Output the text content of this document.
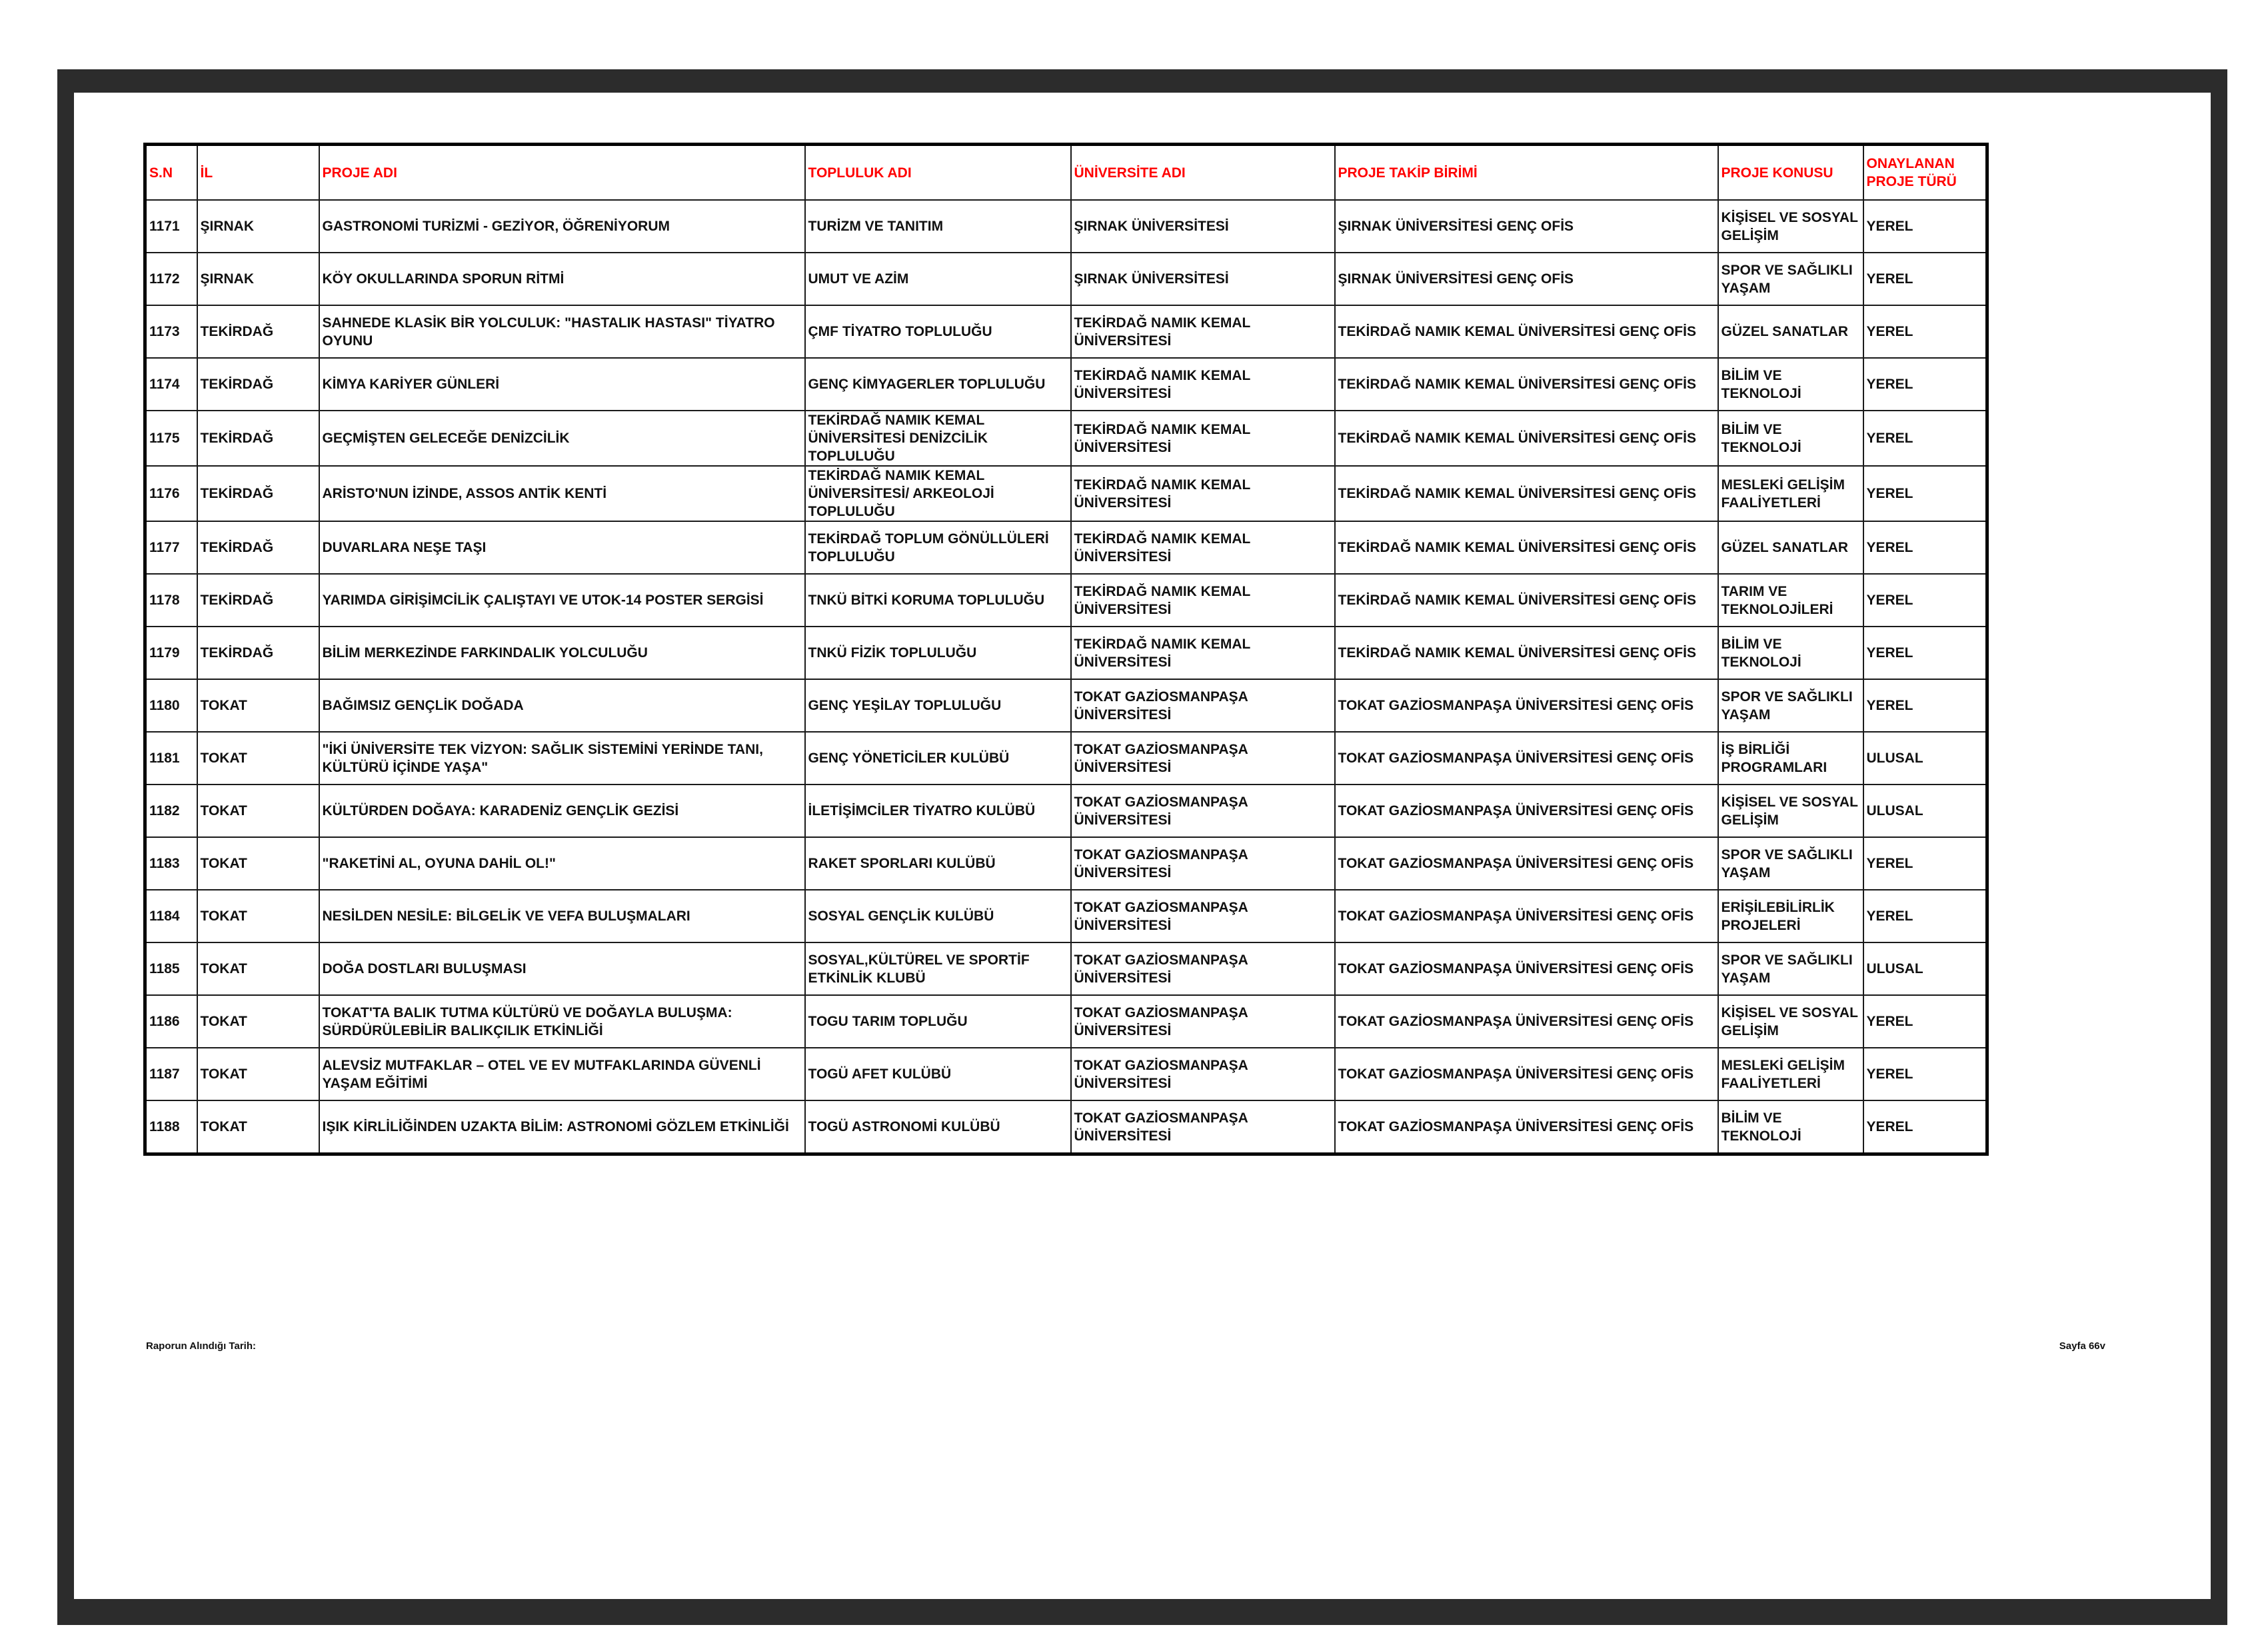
S.N	İL	PROJE ADI	TOPLULUK ADI	ÜNİVERSİTE ADI	PROJE TAKİP BİRİMİ	PROJE KONUSU	ONAYLANAN PROJE TÜRÜ
1171	ŞIRNAK	GASTRONOMİ TURİZMİ - GEZİYOR, ÖĞRENİYORUM	TURİZM VE TANITIM	ŞIRNAK ÜNİVERSİTESİ	ŞIRNAK ÜNİVERSİTESİ GENÇ OFİS	KİŞİSEL VE SOSYAL GELİŞİM	YEREL
1172	ŞIRNAK	KÖY OKULLARINDA SPORUN RİTMİ	UMUT VE AZİM	ŞIRNAK ÜNİVERSİTESİ	ŞIRNAK ÜNİVERSİTESİ GENÇ OFİS	SPOR VE SAĞLIKLI YAŞAM	YEREL
1173	TEKİRDAĞ	SAHNEDE KLASİK BİR YOLCULUK: "HASTALIK HASTASI" TİYATRO OYUNU	ÇMF TİYATRO TOPLULUĞU	TEKİRDAĞ NAMIK KEMAL ÜNİVERSİTESİ	TEKİRDAĞ NAMIK KEMAL ÜNİVERSİTESİ GENÇ OFİS	GÜZEL SANATLAR	YEREL
1174	TEKİRDAĞ	KİMYA KARİYER GÜNLERİ	GENÇ KİMYAGERLER TOPLULUĞU	TEKİRDAĞ NAMIK KEMAL ÜNİVERSİTESİ	TEKİRDAĞ NAMIK KEMAL ÜNİVERSİTESİ GENÇ OFİS	BİLİM VE TEKNOLOJİ	YEREL
1175	TEKİRDAĞ	GEÇMİŞTEN GELECEĞE DENİZCİLİK	TEKİRDAĞ NAMIK KEMAL ÜNİVERSİTESİ DENİZCİLİK TOPLULUĞU	TEKİRDAĞ NAMIK KEMAL ÜNİVERSİTESİ	TEKİRDAĞ NAMIK KEMAL ÜNİVERSİTESİ GENÇ OFİS	BİLİM VE TEKNOLOJİ	YEREL
1176	TEKİRDAĞ	ARİSTO'NUN İZİNDE, ASSOS ANTİK KENTİ	TEKİRDAĞ NAMIK KEMAL ÜNİVERSİTESİ/ ARKEOLOJİ TOPLULUĞU	TEKİRDAĞ NAMIK KEMAL ÜNİVERSİTESİ	TEKİRDAĞ NAMIK KEMAL ÜNİVERSİTESİ GENÇ OFİS	MESLEKİ GELİŞİM FAALİYETLERİ	YEREL
1177	TEKİRDAĞ	DUVARLARA NEŞE TAŞI	TEKİRDAĞ TOPLUM GÖNÜLLÜLERİ TOPLULUĞU	TEKİRDAĞ NAMIK KEMAL ÜNİVERSİTESİ	TEKİRDAĞ NAMIK KEMAL ÜNİVERSİTESİ GENÇ OFİS	GÜZEL SANATLAR	YEREL
1178	TEKİRDAĞ	YARIMDA GİRİŞİMCİLİK ÇALIŞTAYI VE UTOK-14 POSTER SERGİSİ	TNKÜ BİTKİ KORUMA TOPLULUĞU	TEKİRDAĞ NAMIK KEMAL ÜNİVERSİTESİ	TEKİRDAĞ NAMIK KEMAL ÜNİVERSİTESİ GENÇ OFİS	TARIM VE TEKNOLOJİLERİ	YEREL
1179	TEKİRDAĞ	BİLİM MERKEZİNDE FARKINDALIK YOLCULUĞU	TNKÜ FİZİK TOPLULUĞU	TEKİRDAĞ NAMIK KEMAL ÜNİVERSİTESİ	TEKİRDAĞ NAMIK KEMAL ÜNİVERSİTESİ GENÇ OFİS	BİLİM VE TEKNOLOJİ	YEREL
1180	TOKAT	BAĞIMSIZ GENÇLİK DOĞADA	GENÇ YEŞİLAY TOPLULUĞU	TOKAT GAZİOSMANPAŞA ÜNİVERSİTESİ	TOKAT GAZİOSMANPAŞA ÜNİVERSİTESİ GENÇ OFİS	SPOR VE SAĞLIKLI YAŞAM	YEREL
1181	TOKAT	"İKİ ÜNİVERSİTE TEK VİZYON: SAĞLIK SİSTEMİNİ YERİNDE TANI, KÜLTÜRÜ İÇİNDE YAŞA"	GENÇ YÖNETİCİLER KULÜBÜ	TOKAT GAZİOSMANPAŞA ÜNİVERSİTESİ	TOKAT GAZİOSMANPAŞA ÜNİVERSİTESİ GENÇ OFİS	İŞ BİRLİĞİ PROGRAMLARI	ULUSAL
1182	TOKAT	KÜLTÜRDEN DOĞAYA: KARADENİZ GENÇLİK GEZİSİ	İLETİŞİMCİLER TİYATRO KULÜBÜ	TOKAT GAZİOSMANPAŞA ÜNİVERSİTESİ	TOKAT GAZİOSMANPAŞA ÜNİVERSİTESİ GENÇ OFİS	KİŞİSEL VE SOSYAL GELİŞİM	ULUSAL
1183	TOKAT	"RAKETİNİ AL, OYUNA DAHİL OL!"	RAKET SPORLARI KULÜBÜ	TOKAT GAZİOSMANPAŞA ÜNİVERSİTESİ	TOKAT GAZİOSMANPAŞA ÜNİVERSİTESİ GENÇ OFİS	SPOR VE SAĞLIKLI YAŞAM	YEREL
1184	TOKAT	NESİLDEN NESİLE: BİLGELİK VE VEFA BULUŞMALARI	SOSYAL GENÇLİK KULÜBÜ	TOKAT GAZİOSMANPAŞA ÜNİVERSİTESİ	TOKAT GAZİOSMANPAŞA ÜNİVERSİTESİ GENÇ OFİS	ERİŞİLEBİLİRLİK PROJELERİ	YEREL
1185	TOKAT	DOĞA DOSTLARI BULUŞMASI	SOSYAL,KÜLTÜREL VE SPORTİF ETKİNLİK KLUBÜ	TOKAT GAZİOSMANPAŞA ÜNİVERSİTESİ	TOKAT GAZİOSMANPAŞA ÜNİVERSİTESİ GENÇ OFİS	SPOR VE SAĞLIKLI YAŞAM	ULUSAL
1186	TOKAT	TOKAT'TA BALIK TUTMA KÜLTÜRÜ VE DOĞAYLA BULUŞMA: SÜRDÜRÜLEBİLİR BALIKÇILIK ETKİNLİĞİ	TOGU TARIM TOPLUĞU	TOKAT GAZİOSMANPAŞA ÜNİVERSİTESİ	TOKAT GAZİOSMANPAŞA ÜNİVERSİTESİ GENÇ OFİS	KİŞİSEL VE SOSYAL GELİŞİM	YEREL
1187	TOKAT	ALEVSİZ MUTFAKLAR – OTEL VE EV MUTFAKLARINDA GÜVENLİ YAŞAM EĞİTİMİ	TOGÜ AFET KULÜBÜ	TOKAT GAZİOSMANPAŞA ÜNİVERSİTESİ	TOKAT GAZİOSMANPAŞA ÜNİVERSİTESİ GENÇ OFİS	MESLEKİ GELİŞİM FAALİYETLERİ	YEREL
1188	TOKAT	IŞIK KİRLİLİĞİNDEN UZAKTA BİLİM: ASTRONOMİ GÖZLEM ETKİNLİĞİ	TOGÜ ASTRONOMİ KULÜBÜ	TOKAT GAZİOSMANPAŞA ÜNİVERSİTESİ	TOKAT GAZİOSMANPAŞA ÜNİVERSİTESİ GENÇ OFİS	BİLİM VE TEKNOLOJİ	YEREL
Raporun Alındığı Tarih:	Sayfa 66v
